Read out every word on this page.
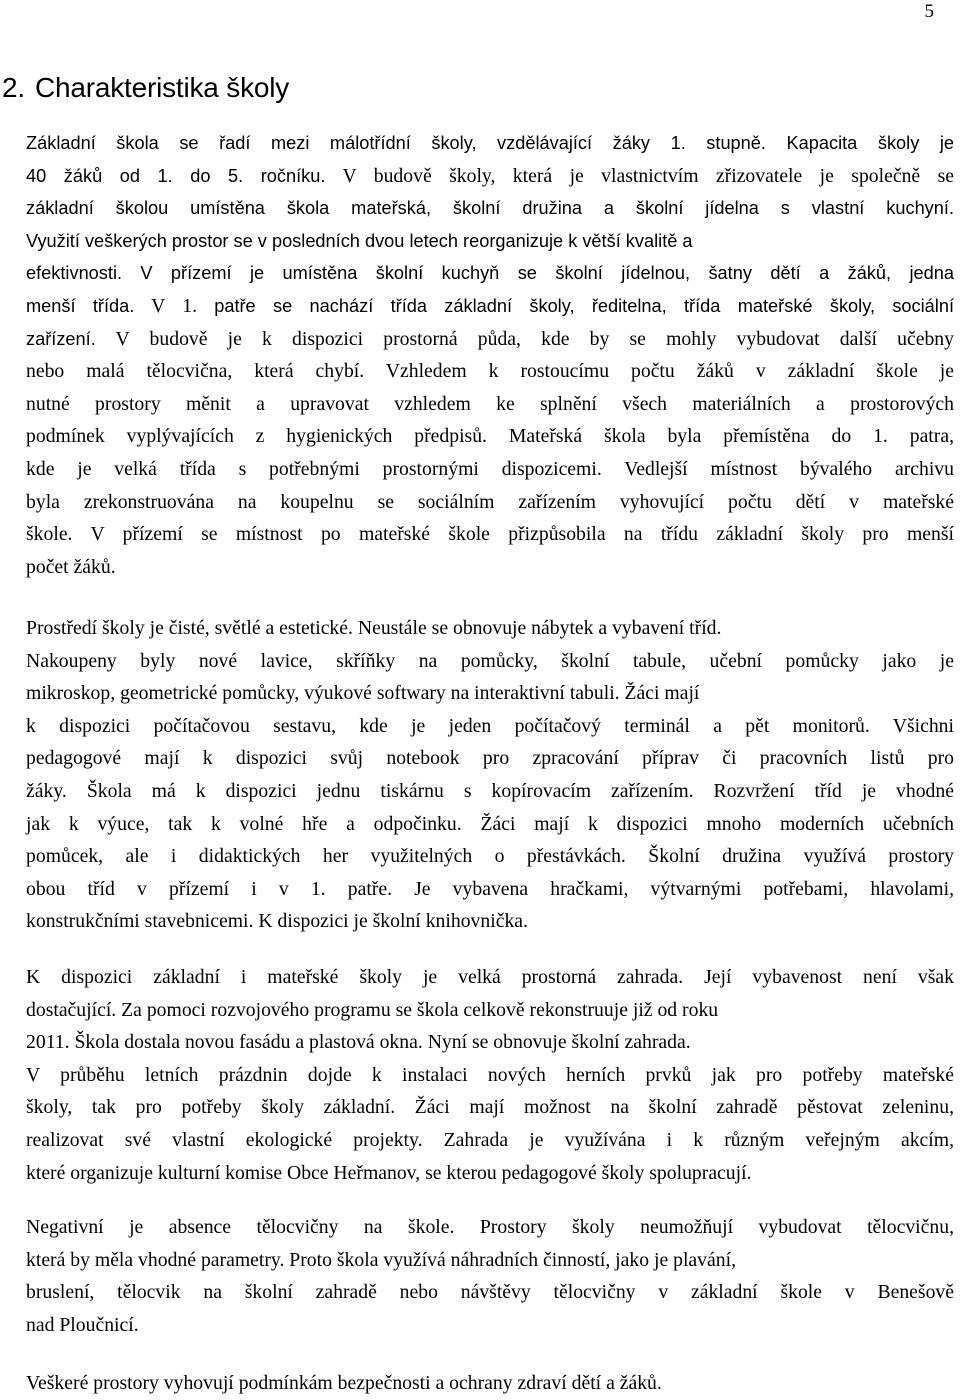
5
2. Charakteristika školy
Základní škola se řadí mezi málotřídní školy, vzdělávající žáky 1. stupně. Kapacita školy je
40 žáků od 1. do 5. ročníku. V budově školy, která je vlastnictvím zřizovatele je společně se
základní školou umístěna škola mateřská, školní družina a školní jídelna s vlastní kuchyní.
Využití veškerých prostor se v posledních dvou letech reorganizuje k větší kvalitě a
efektivnosti. V přízemí je umístěna školní kuchyň se školní jídelnou, šatny dětí a žáků, jedna
menší třída. V 1. patře se nachází třída základní školy, ředitelna, třída mateřské školy, sociální
zařízení. V budově je k dispozici prostorná půda, kde by se mohly vybudovat další učebny
nebo malá tělocvična, která chybí. Vzhledem k rostoucímu počtu žáků v základní škole je
nutné prostory měnit a upravovat vzhledem ke splnění všech materiálních a prostorových
podmínek vyplývajících z hygienických předpisů. Mateřská škola byla přemístěna do 1. patra,
kde je velká třída s potřebnými prostornými dispozicemi. Vedlejší místnost bývalého archivu
byla zrekonstruována na koupelnu se sociálním zařízením vyhovující počtu dětí v mateřské
škole. V přízemí se místnost po mateřské škole přizpůsobila na třídu základní školy pro menší
počet žáků.
Prostředí školy je čisté, světlé a estetické. Neustále se obnovuje nábytek a vybavení tříd.
Nakoupeny byly nové lavice, skříňky na pomůcky, školní tabule, učební pomůcky jako je
mikroskop, geometrické pomůcky, výukové softwary na interaktivní tabuli. Žáci mají
k dispozici počítačovou sestavu, kde je jeden počítačový terminál a pět monitorů. Všichni
pedagogové mají k dispozici svůj notebook pro zpracování příprav či pracovních listů pro
žáky. Škola má k dispozici jednu tiskárnu s kopírovacím zařízením. Rozvržení tříd je vhodné
jak k výuce, tak k volné hře a odpočinku. Žáci mají k dispozici mnoho moderních učebních
pomůcek, ale i didaktických her využitelných o přestávkách. Školní družina využívá prostory
obou tříd v přízemí i v 1. patře. Je vybavena hračkami, výtvarnými potřebami, hlavolami,
konstrukčními stavebnicemi. K dispozici je školní knihovnička.
K dispozici základní i mateřské školy je velká prostorná zahrada. Její vybavenost není však
dostačující. Za pomoci rozvojového programu se škola celkově rekonstruuje již od roku
2011. Škola dostala novou fasádu a plastová okna. Nyní se obnovuje školní zahrada.
V průběhu letních prázdnin dojde k instalaci nových herních prvků jak pro potřeby mateřské
školy, tak pro potřeby školy základní. Žáci mají možnost na školní zahradě pěstovat zeleninu,
realizovat své vlastní ekologické projekty. Zahrada je využívána i k různým veřejným akcím,
které organizuje kulturní komise Obce Heřmanov, se kterou pedagogové školy spolupracují.
Negativní je absence tělocvičny na škole. Prostory školy neumožňují vybudovat tělocvičnu,
která by měla vhodné parametry. Proto škola využívá náhradních činností, jako je plavání,
bruslení, tělocvik na školní zahradě nebo návštěvy tělocvičny v základní škole v Benešově
nad Ploučnicí.
Veškeré prostory vyhovují podmínkám bezpečnosti a ochrany zdraví dětí a žáků.
